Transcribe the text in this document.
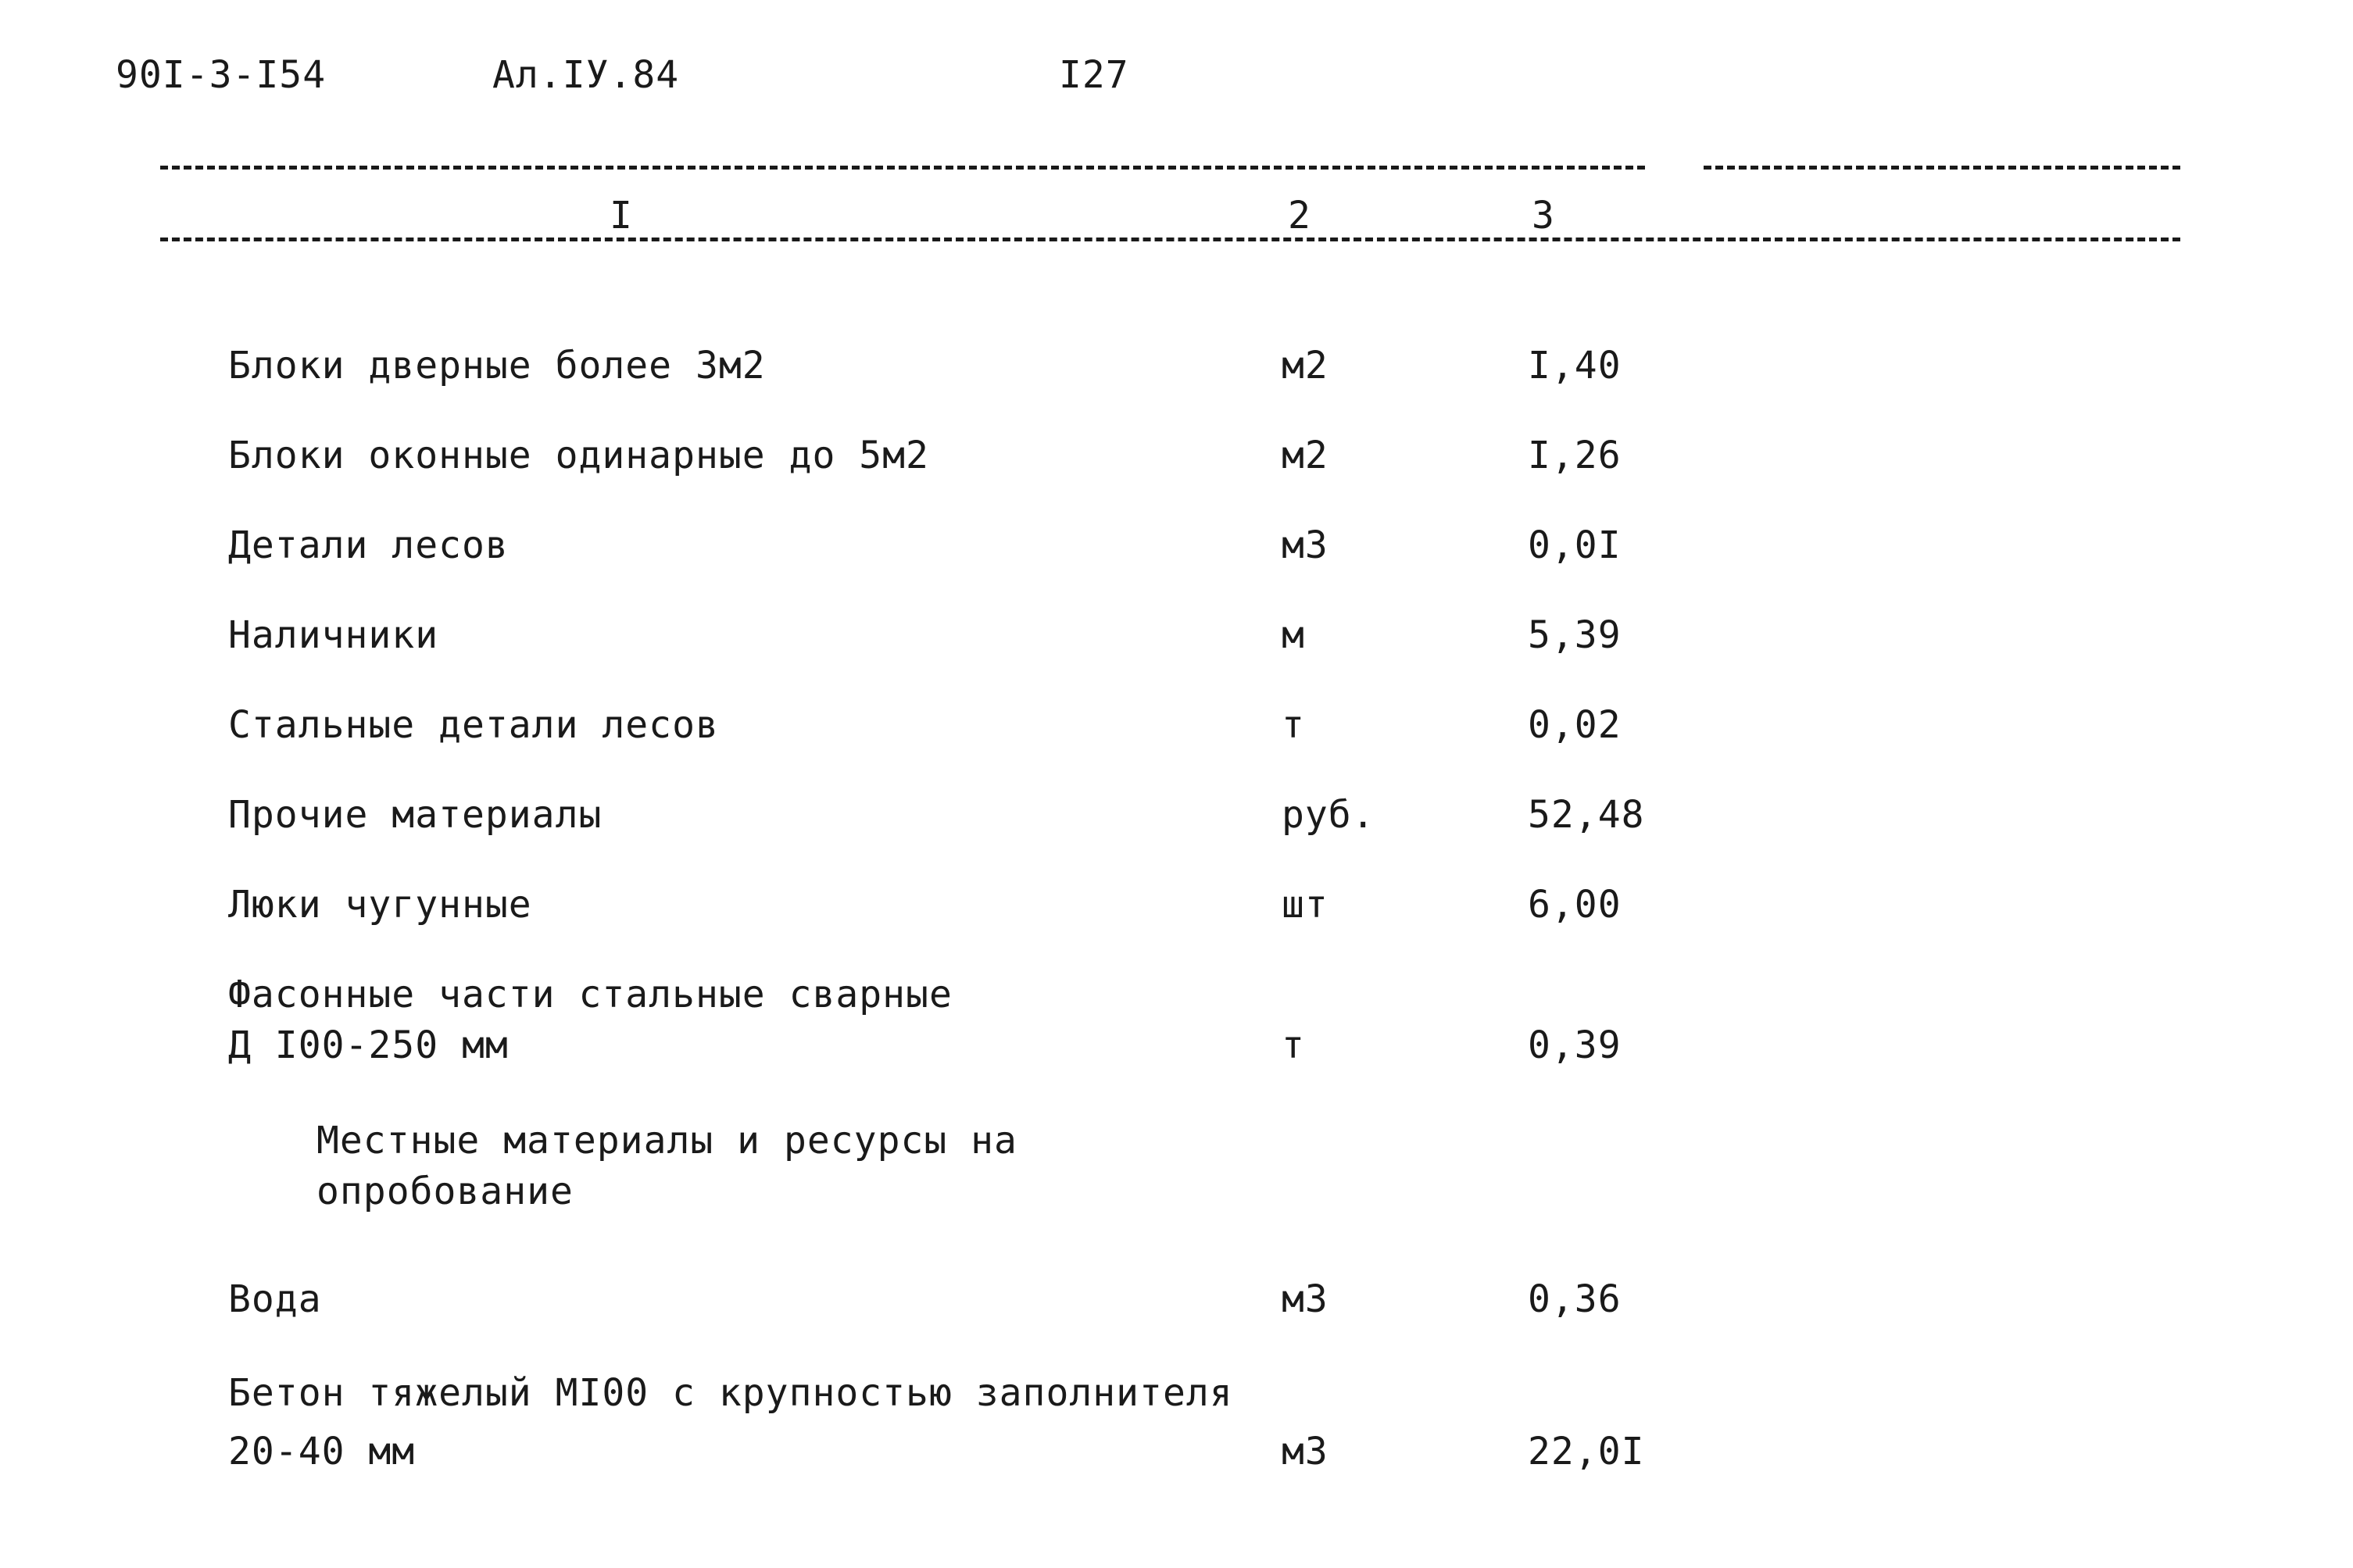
90I-3-I54	Ал.IУ.84	I27
I	2	3
Блоки дверные более 3м2	м2	I,40
Блоки оконные одинарные до 5м2	м2	I,26
Детали лесов	м3	0,0I
Наличники	м	5,39
Стальные детали лесов	т	0,02
Прочие материалы	руб.	52,48
Люки чугунные	шт	6,00
Фасонные части стальные сварные
Д I00-250 мм	т	0,39
Местные материалы и ресурсы на
опробование
Вода	м3	0,36
Бетон тяжелый MI00 с крупностью заполнителя
20-40 мм	м3	22,0I
